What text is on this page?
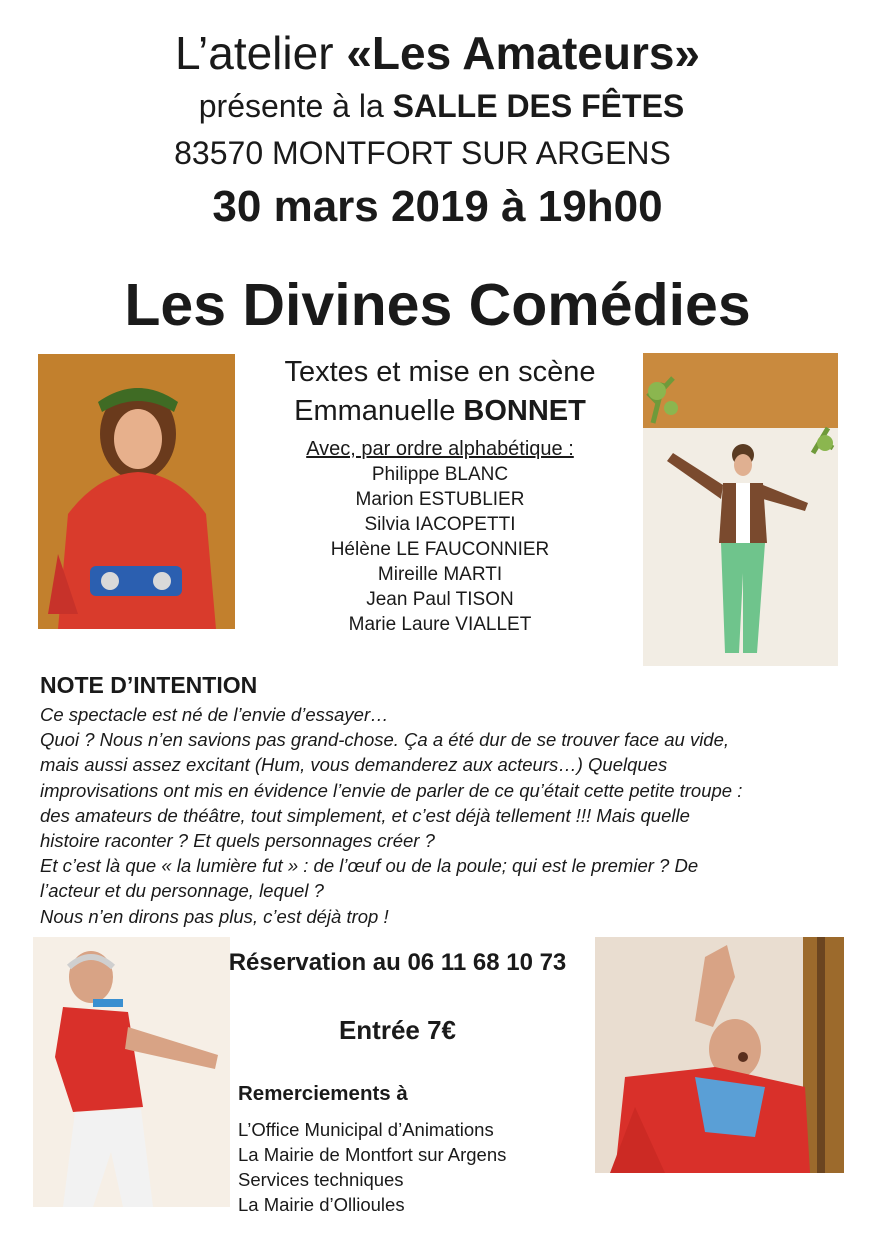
L’atelier «Les Amateurs»
présente à la SALLE DES FÊTES
83570 MONTFORT SUR ARGENS
30 mars 2019 à 19h00
Les Divines Comédies
Textes et mise en scène
Emmanuelle BONNET
Avec, par ordre alphabétique :
Philippe BLANC
Marion ESTUBLIER
Silvia IACOPETTI
Hélène LE FAUCONNIER
Mireille MARTI
Jean Paul TISON
Marie Laure VIALLET
NOTE D’INTENTION
Ce spectacle est né de l’envie d’essayer…
Quoi ? Nous n’en savions pas grand-chose. Ça a été dur de se trouver face au vide,
mais aussi assez excitant (Hum, vous demanderez aux acteurs…) Quelques
improvisations ont mis en évidence l’envie de parler de ce qu’était cette petite troupe :
des amateurs de théâtre, tout simplement, et c’est déjà tellement !!! Mais quelle
histoire raconter ? Et quels personnages créer ?
Et c’est là que « la lumière fut » : de l’œuf ou de la poule; qui est le premier ? De
l’acteur et du personnage, lequel ?
Nous n’en dirons pas plus, c’est déjà trop !
Réservation au 06 11 68 10 73
Entrée 7€
Remerciements à
L’Office Municipal d’Animations
La Mairie de Montfort sur Argens
Services techniques
La Mairie d’Ollioules
